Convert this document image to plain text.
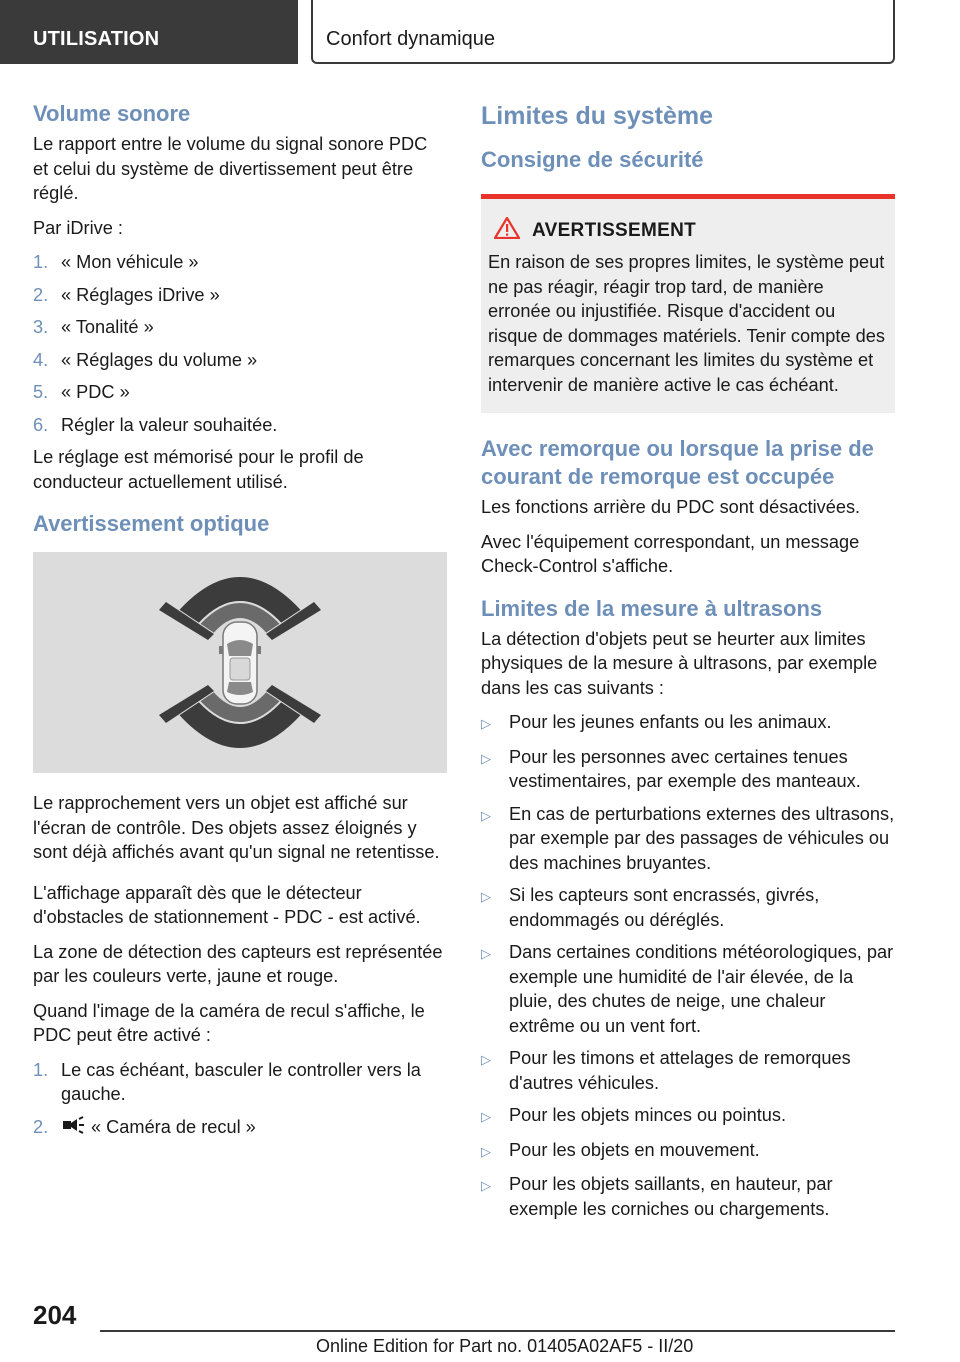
UTILISATION	Confort dynamique
Volume sonore

Le rapport entre le volume du signal sonore PDC et celui du système de divertissement peut être réglé.

Par iDrive :

1. « Mon véhicule »
2. « Réglages iDrive »
3. « Tonalité »
4. « Réglages du volume »
5. « PDC »
6. Régler la valeur souhaitée.

Le réglage est mémorisé pour le profil de conducteur actuellement utilisé.

Avertissement optique

Le rapprochement vers un objet est affiché sur l'écran de contrôle. Des objets assez éloignés y sont déjà affichés avant qu'un signal ne retentisse.

L'affichage apparaît dès que le détecteur d'obstacles de stationnement - PDC - est activé.

La zone de détection des capteurs est représentée par les couleurs verte, jaune et rouge.

Quand l'image de la caméra de recul s'affiche, le PDC peut être activé :

1. Le cas échéant, basculer le controller vers la gauche.
2.	« Caméra de recul »
Limites du système
Consigne de sécurité
AVERTISSEMENT

En raison de ses propres limites, le système peut ne pas réagir, réagir trop tard, de manière erronée ou injustifiée. Risque d'accident ou risque de dommages matériels. Tenir compte des remarques concernant les limites du système et intervenir de manière active le cas échéant.

Avec remorque ou lorsque la prise de courant de remorque est occupée

Les fonctions arrière du PDC sont désactivées.

Avec l'équipement correspondant, un message Check-Control s'affiche.

Limites de la mesure à ultrasons

La détection d'objets peut se heurter aux limites physiques de la mesure à ultrasons, par exemple dans les cas suivants :

▷ Pour les jeunes enfants ou les animaux.
▷ Pour les personnes avec certaines tenues vestimentaires, par exemple des manteaux.
▷ En cas de perturbations externes des ultrasons, par exemple par des passages de véhicules ou des machines bruyantes.
▷ Si les capteurs sont encrassés, givrés, endommagés ou déréglés.
▷ Dans certaines conditions météorologiques, par exemple une humidité de l'air élevée, de la pluie, des chutes de neige, une chaleur extrême ou un vent fort.
▷ Pour les timons et attelages de remorques d'autres véhicules.
▷ Pour les objets minces ou pointus.
▷ Pour les objets en mouvement.
▷ Pour les objets saillants, en hauteur, par exemple les corniches ou chargements.
204
Online Edition for Part no. 01405A02AF5 - II/20
